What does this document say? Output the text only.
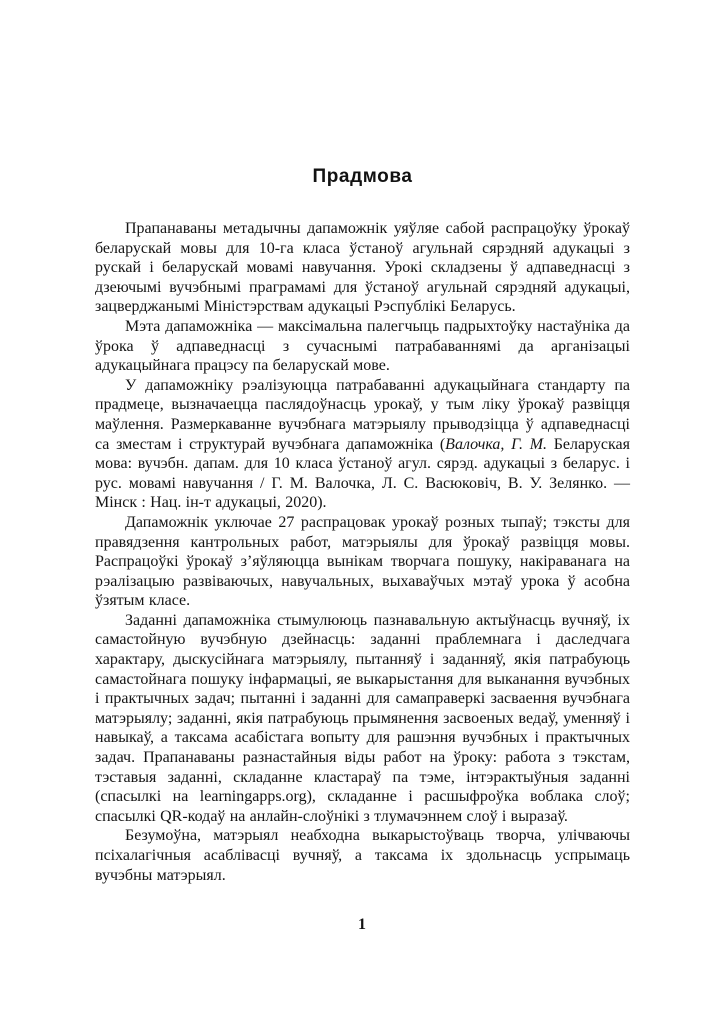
Прадмова

Прапанаваны метадычны дапаможнік уяўляе сабой распрацоўку ўрокаў беларускай мовы для 10-га класа ўстаноў агульнай сярэдняй адукацыі з рускай і беларускай мовамі навучання. Урокі складзены ў адпаведнасці з дзеючымі вучэбнымі праграмамі для ўстаноў агульнай сярэдняй адукацыі, зацверджанымі Міністэрствам адукацыі Рэспублікі Беларусь.

Мэта дапаможніка — максімальна палегчыць падрыхтоўку настаўніка да ўрока ў адпаведнасці з сучаснымі патрабаваннямі да арганізацыі адукацыйнага працэсу па беларускай мове.

У дапаможніку рэалізуюцца патрабаванні адукацыйнага стандарту па прадмеце, вызначаецца паслядоўнасць урокаў, у тым ліку ўрокаў развіцця маўлення. Размеркаванне вучэбнага матэрыялу прыводзіцца ў адпаведнасці са зместам і структурай вучэбнага дапаможніка (Валочка, Г. М. Беларуская мова: вучэбн. дапам. для 10 класа ўстаноў агул. сярэд. адукацыі з беларус. і рус. мовамі навучання / Г. М. Валочка, Л. С. Васюковіч, В. У. Зелянко. — Мінск : Нац. ін-т адукацыі, 2020).

Дапаможнік уключае 27 распрацовак урокаў розных тыпаў; тэксты для правядзення кантрольных работ, матэрыялы для ўрокаў развіцця мовы. Распрацоўкі ўрокаў з’яўляюцца вынікам творчага пошуку, накіраванага на рэалізацыю развіваючых, навучальных, выхаваўчых мэтаў урока ў асобна ўзятым класе.

Заданні дапаможніка стымулююць пазнавальную актыўнасць вучняў, іх самастойную вучэбную дзейнасць: заданні праблемнага і даследчага характару, дыскусійнага матэрыялу, пытанняў і заданняў, якія патрабуюць самастойнага пошуку інфармацыі, яе выкарыстання для выканання вучэбных і практычных задач; пытанні і заданні для самаправеркі засваення вучэбнага матэрыялу; заданні, якія патрабуюць прымянення засвоеных ведаў, уменняў і навыкаў, а таксама асабістага вопыту для рашэння вучэбных і практычных задач. Прапанаваны разнастайныя віды работ на ўроку: работа з тэкстам, тэставыя заданні, складанне кластараў па тэме, інтэрактыўныя заданні (спасылкі на learningapps.org), складанне і расшыфроўка воблака слоў; спасылкі QR-кодаў на анлайн-слоўнікі з тлумачэннем слоў і выразаў.

Безумоўна, матэрыял неабходна выкарыстоўваць творча, улічваючы псіхалагічныя асаблівасці вучняў, а таксама іх здольнасць успрымаць вучэбны матэрыял.

1
